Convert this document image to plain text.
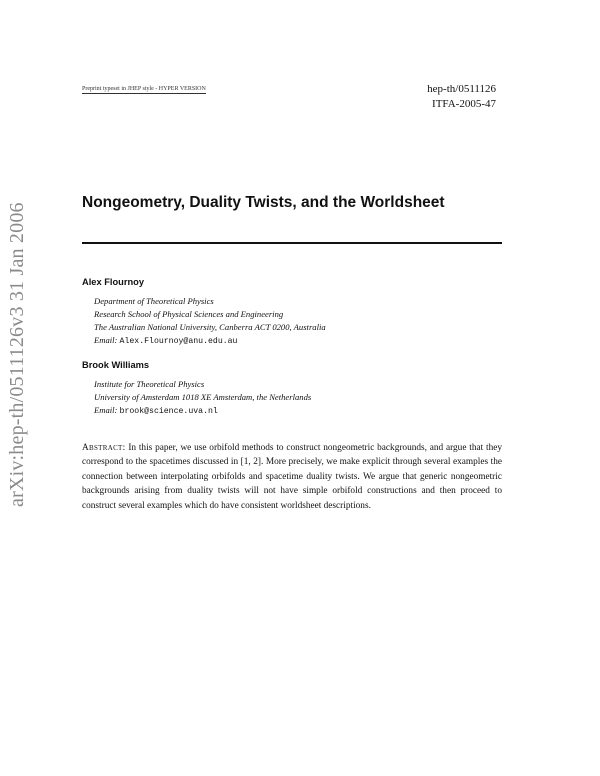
arXiv:hep-th/0511126v3 31 Jan 2006
Preprint typeset in JHEP style - HYPER VERSION	hep-th/0511126
ITFA-2005-47
Nongeometry, Duality Twists, and the Worldsheet
Alex Flournoy
Department of Theoretical Physics
Research School of Physical Sciences and Engineering
The Australian National University, Canberra ACT 0200, Australia
Email: Alex.Flournoy@anu.edu.au
Brook Williams
Institute for Theoretical Physics
University of Amsterdam 1018 XE Amsterdam, the Netherlands
Email: brook@science.uva.nl
Abstract: In this paper, we use orbifold methods to construct nongeometric backgrounds, and argue that they correspond to the spacetimes discussed in [1, 2]. More precisely, we make explicit through several examples the connection between interpolating orbifolds and spacetime duality twists. We argue that generic nongeometric backgrounds arising from duality twists will not have simple orbifold constructions and then proceed to construct several examples which do have consistent worldsheet descriptions.
